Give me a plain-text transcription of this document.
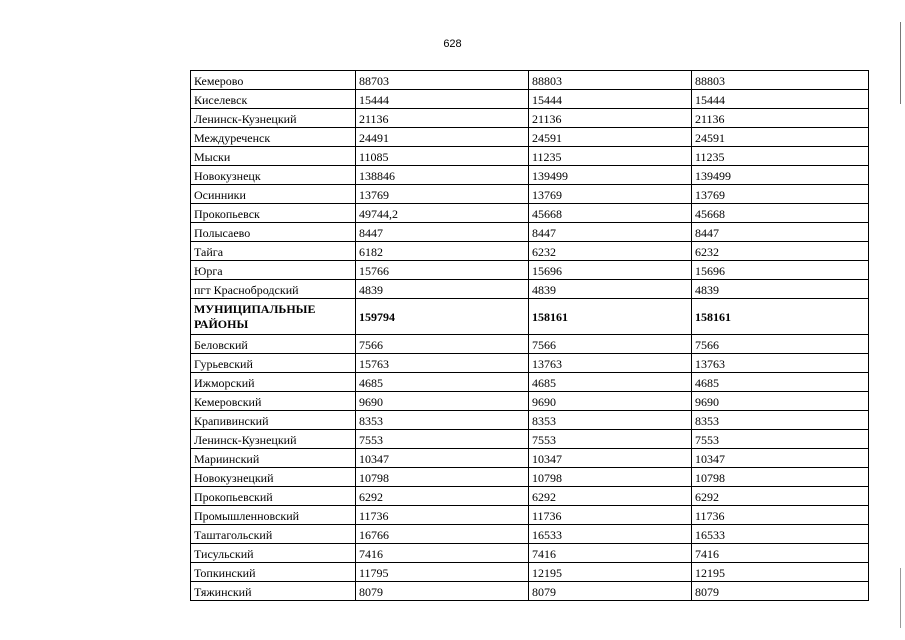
628
Кемерово	88703	88803	88803
Киселевск	15444	15444	15444
Ленинск-Кузнецкий	21136	21136	21136
Междуреченск	24491	24591	24591
Мыски	11085	11235	11235
Новокузнецк	138846	139499	139499
Осинники	13769	13769	13769
Прокопьевск	49744,2	45668	45668
Полысаево	8447	8447	8447
Тайга	6182	6232	6232
Юрга	15766	15696	15696
пгт Краснобродский	4839	4839	4839
МУНИЦИПАЛЬНЫЕ РАЙОНЫ	159794	158161	158161
Беловский	7566	7566	7566
Гурьевский	15763	13763	13763
Ижморский	4685	4685	4685
Кемеровский	9690	9690	9690
Крапивинский	8353	8353	8353
Ленинск-Кузнецкий	7553	7553	7553
Мариинский	10347	10347	10347
Новокузнецкий	10798	10798	10798
Прокопьевский	6292	6292	6292
Промышленновский	11736	11736	11736
Таштагольский	16766	16533	16533
Тисульский	7416	7416	7416
Топкинский	11795	12195	12195
Тяжинский	8079	8079	8079
